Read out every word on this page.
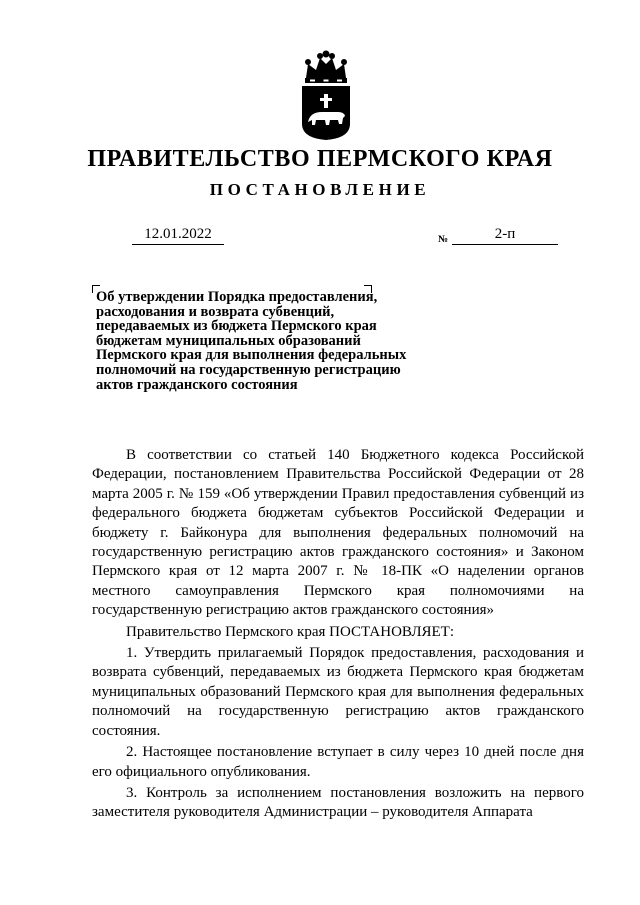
ПРАВИТЕЛЬСТВО ПЕРМСКОГО КРАЯ
ПОСТАНОВЛЕНИЕ
12.01.2022	№	2-п
Об утверждении Порядка предоставления,
расходования и возврата субвенций,
передаваемых из бюджета Пермского края
бюджетам муниципальных образований
Пермского края для выполнения федеральных
полномочий на государственную регистрацию
актов гражданского состояния

В соответствии со статьей 140 Бюджетного кодекса Российской Федерации, постановлением Правительства Российской Федерации от 28 марта 2005 г. № 159 «Об утверждении Правил предоставления субвенций из федерального бюджета бюджетам субъектов Российской Федерации и бюджету г. Байконура для выполнения федеральных полномочий на государственную регистрацию актов гражданского состояния» и Законом Пермского края от 12 марта 2007 г. № 18-ПК «О наделении органов местного самоуправления Пермского края полномочиями на государственную регистрацию актов гражданского состояния»

Правительство Пермского края ПОСТАНОВЛЯЕТ:

1. Утвердить прилагаемый Порядок предоставления, расходования и возврата субвенций, передаваемых из бюджета Пермского края бюджетам муниципальных образований Пермского края для выполнения федеральных полномочий на государственную регистрацию актов гражданского состояния.

2. Настоящее постановление вступает в силу через 10 дней после дня его официального опубликования.

3. Контроль за исполнением постановления возложить на первого заместителя руководителя Администрации – руководителя Аппарата
